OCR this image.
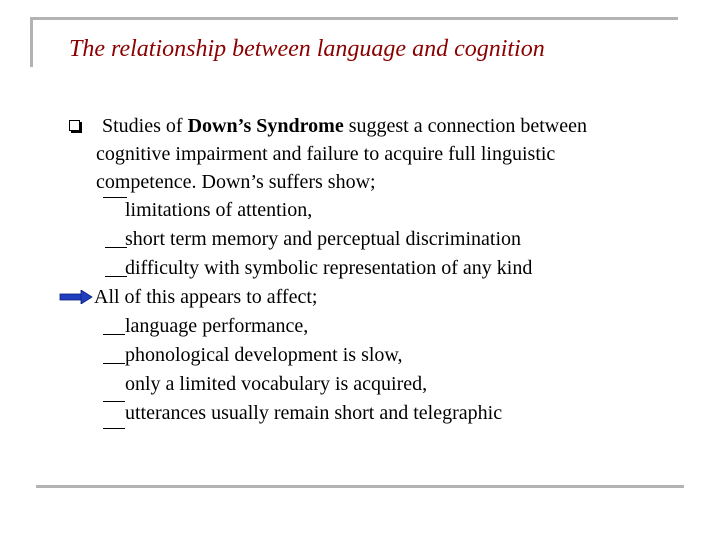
The relationship between language and cognition
Studies of Down’s Syndrome suggest a connection between
cognitive impairment and failure to acquire full linguistic
competence. Down’s suffers show;
limitations of attention,
short term memory and perceptual discrimination
difficulty with symbolic representation of any kind
All of this appears to affect;
language performance,
phonological development is slow,
only a limited vocabulary is acquired,
utterances usually remain short and telegraphic
